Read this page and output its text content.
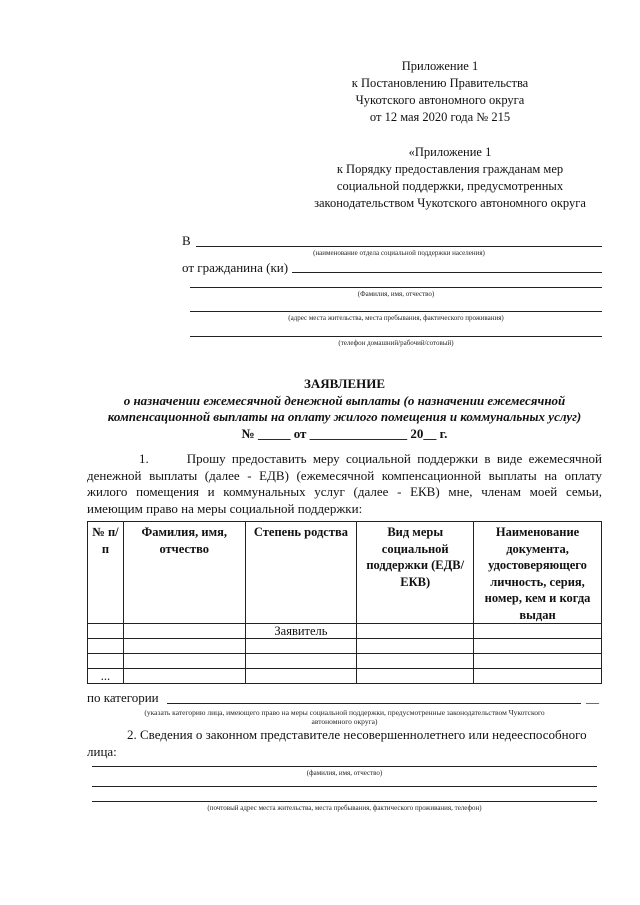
Приложение 1
к Постановлению Правительства
Чукотского автономного округа
от 12 мая 2020 года № 215
«Приложение 1
к Порядку предоставления гражданам мер
социальной поддержки, предусмотренных
законодательством Чукотского автономного округа
В
(наименование отдела социальной поддержки населения)
от гражданина (ки)
(Фамилия, имя, отчество)
(адрес места жительства, места пребывания, фактического проживания)
(телефон домашний/рабочий/сотовый)
ЗАЯВЛЕНИЕ
о назначении ежемесячной денежной выплаты (о назначении ежемесячной
компенсационной выплаты на оплату жилого помещения и коммунальных услуг)
№ _____ от _______________ 20__ г.
1.	Прошу предоставить меру социальной поддержки в виде ежемесячной
денежной выплаты (далее - ЕДВ) (ежемесячной компенсационной выплаты на оплату
жилого помещения и коммунальных услуг (далее - ЕКВ) мне, членам моей семьи,
имеющим право на меры социальной поддержки:
№ п/п	Фамилия, имя, отчество	Степень родства	Вид меры социальной поддержки (ЕДВ/ЕКВ)	Наименование документа, удостоверяющего личность, серия, номер, кем и когда выдан
		Заявитель		

...				
по категории	__
(указать категорию лица, имеющего право на меры социальной поддержки, предусмотренные законодательством Чукотского
автономного округа)
2. Сведения о законном представителе несовершеннолетнего или недееспособного
лица:
(фамилия, имя, отчество)
(почтовый адрес места жительства, места пребывания, фактического проживания, телефон)
